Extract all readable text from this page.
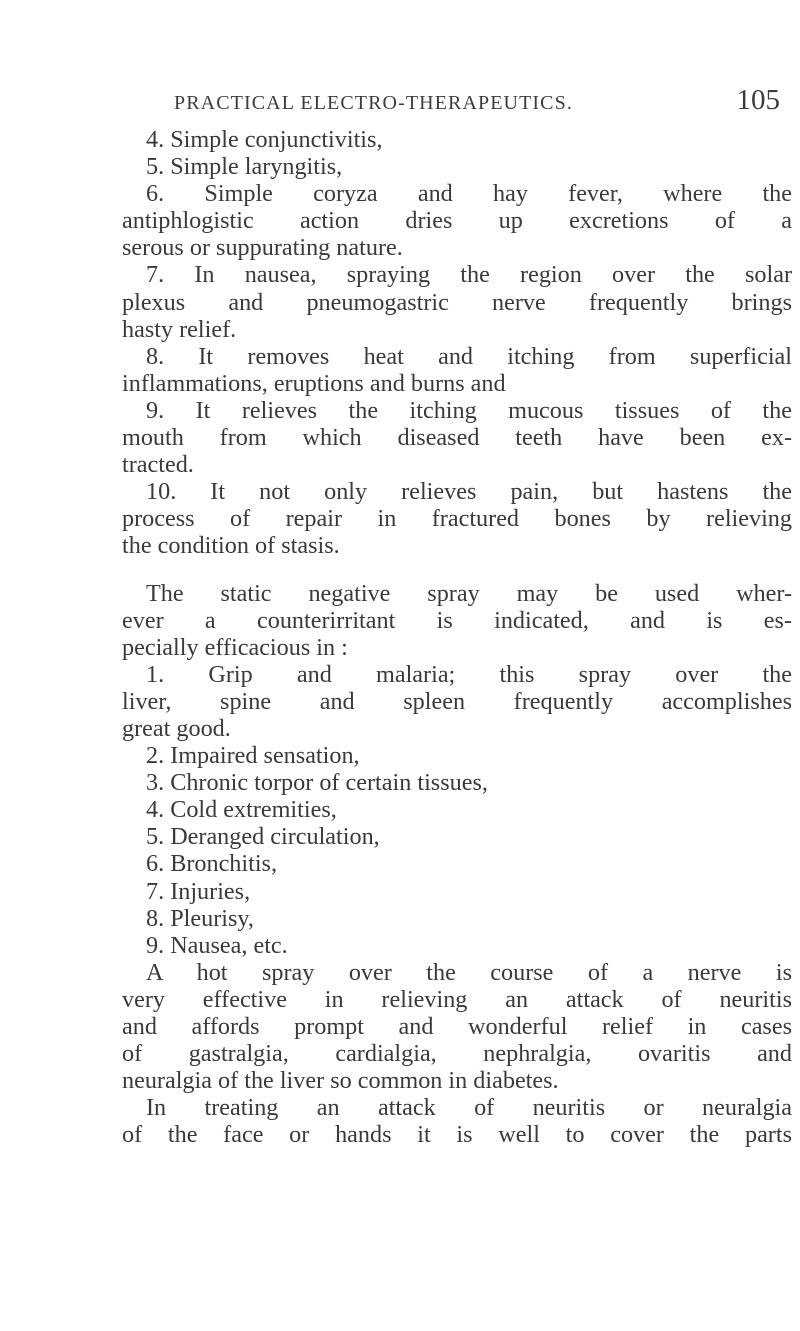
PRACTICAL ELECTRO-THERAPEUTICS.	105
4. Simple conjunctivitis,
5. Simple laryngitis,
6. Simple coryza and hay fever, where the
antiphlogistic action dries up excretions of a
serous or suppurating nature.
7. In nausea, spraying the region over the solar
plexus and pneumogastric nerve frequently brings
hasty relief.
8. It removes heat and itching from superficial
inflammations, eruptions and burns and
9. It relieves the itching mucous tissues of the
mouth from which diseased teeth have been ex-
tracted.
10. It not only relieves pain, but hastens the
process of repair in fractured bones by relieving
the condition of stasis.
The static negative spray may be used wher-
ever a counterirritant is indicated, and is es-
pecially efficacious in :
1. Grip and malaria; this spray over the
liver, spine and spleen frequently accomplishes
great good.
2. Impaired sensation,
3. Chronic torpor of certain tissues,
4. Cold extremities,
5. Deranged circulation,
6. Bronchitis,
7. Injuries,
8. Pleurisy,
9. Nausea, etc.
A hot spray over the course of a nerve is
very effective in relieving an attack of neuritis
and affords prompt and wonderful relief in cases
of gastralgia, cardialgia, nephralgia, ovaritis and
neuralgia of the liver so common in diabetes.
In treating an attack of neuritis or neuralgia
of the face or hands it is well to cover the parts
